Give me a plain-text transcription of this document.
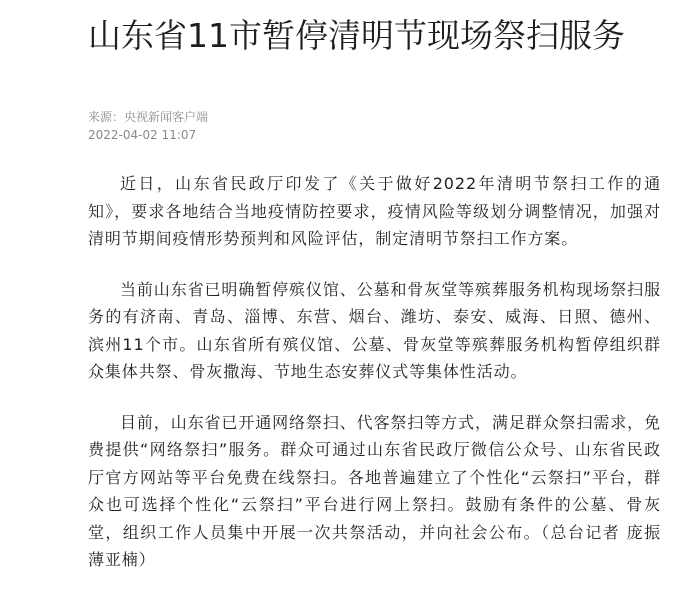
山东省11市暂停清明节现场祭扫服务
来源：央视新闻客户端
2022-04-02 11:07

近日，山东省民政厅印发了《关于做好2022年清明节祭扫工作的通知》，要求各地结合当地疫情防控要求，疫情风险等级划分调整情况，加强对清明节期间疫情形势预判和风险评估，制定清明节祭扫工作方案。

当前山东省已明确暂停殡仪馆、公墓和骨灰堂等殡葬服务机构现场祭扫服务的有济南、青岛、淄博、东营、烟台、潍坊、泰安、威海、日照、德州、滨州11个市。山东省所有殡仪馆、公墓、骨灰堂等殡葬服务机构暂停组织群众集体共祭、骨灰撒海、节地生态安葬仪式等集体性活动。

目前，山东省已开通网络祭扫、代客祭扫等方式，满足群众祭扫需求，免费提供“网络祭扫”服务。群众可通过山东省民政厅微信公众号、山东省民政厅官方网站等平台免费在线祭扫。各地普遍建立了个性化“云祭扫”平台，群众也可选择个性化“云祭扫”平台进行网上祭扫。鼓励有条件的公墓、骨灰堂，组织工作人员集中开展一次共祭活动，并向社会公布。（总台记者 庞振 薄亚楠）
